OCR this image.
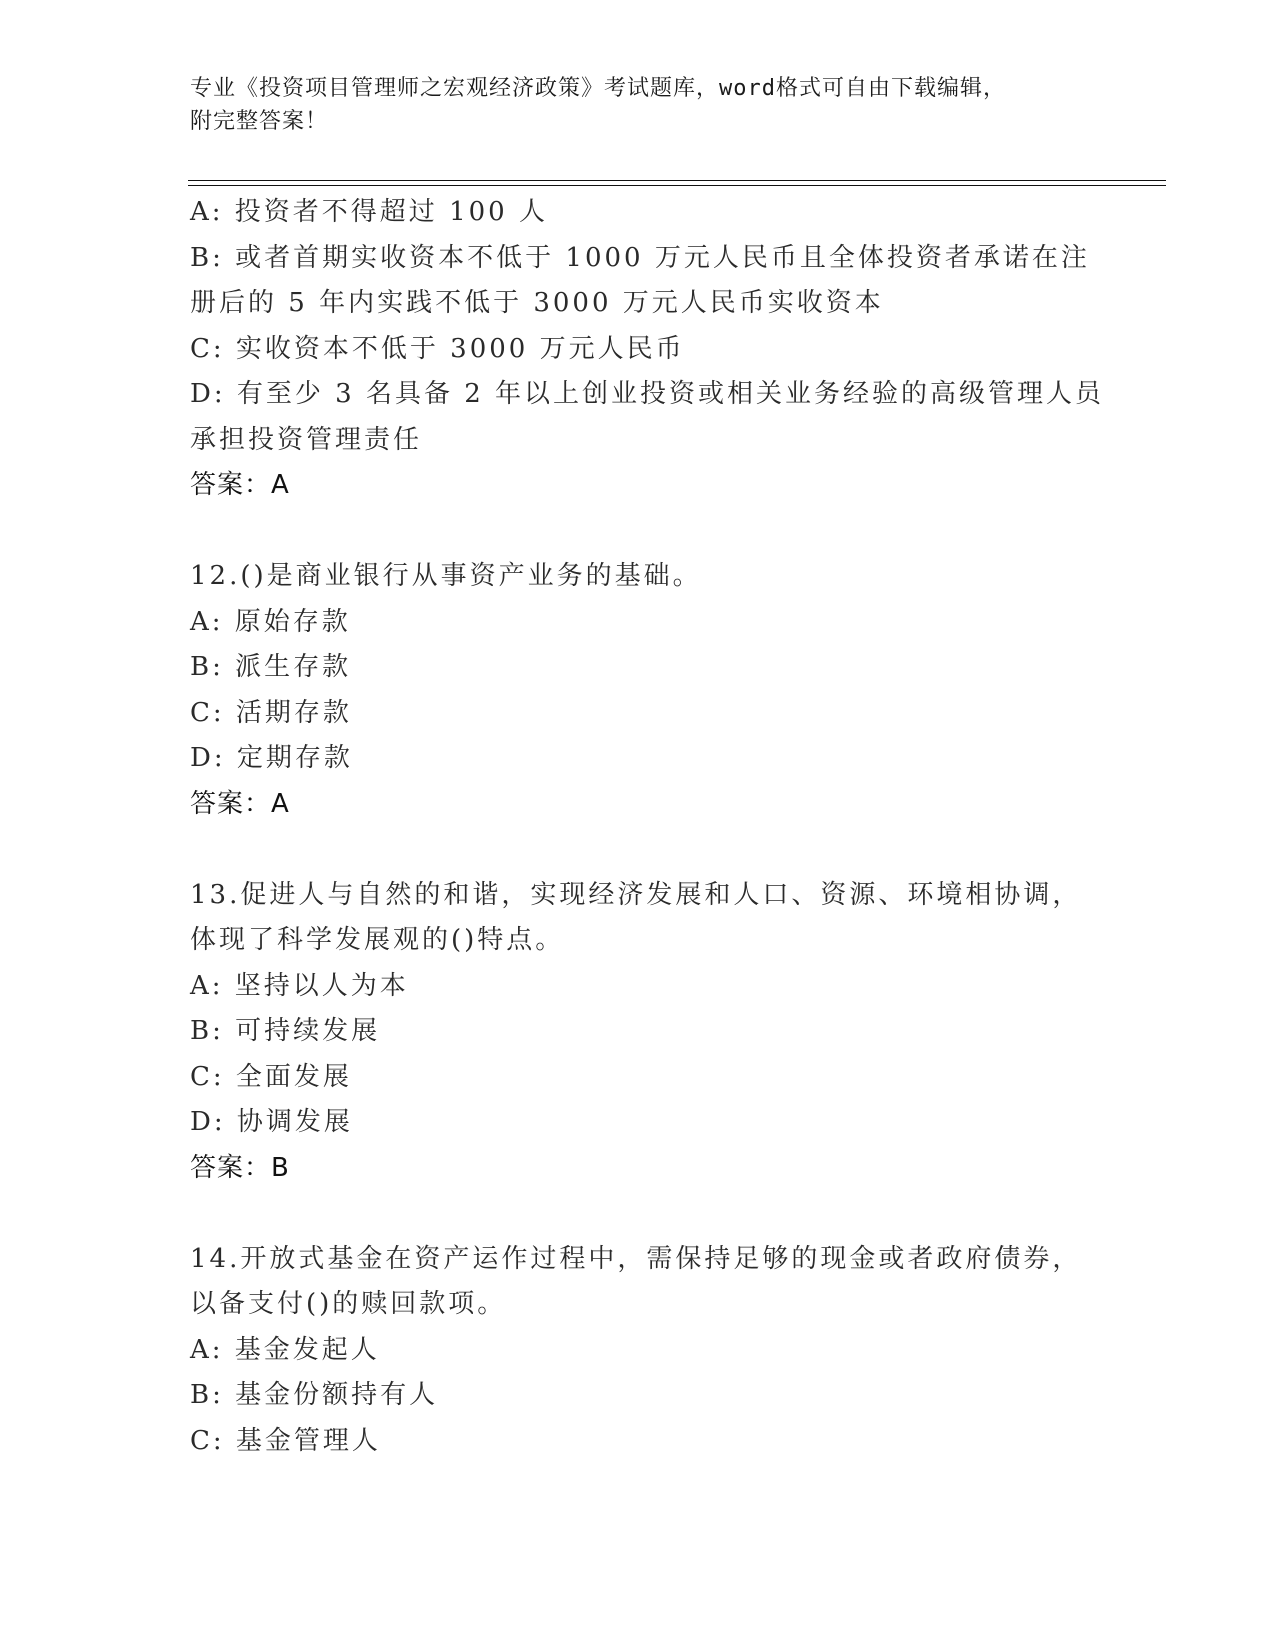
专业《投资项目管理师之宏观经济政策》考试题库，word格式可自由下载编辑，
附完整答案！
A: 投资者不得超过 100 人
B: 或者首期实收资本不低于 1000 万元人民币且全体投资者承诺在注
册后的 5 年内实践不低于 3000 万元人民币实收资本
C: 实收资本不低于 3000 万元人民币
D: 有至少 3 名具备 2 年以上创业投资或相关业务经验的高级管理人员
承担投资管理责任
答案：A
12.()是商业银行从事资产业务的基础。
A: 原始存款
B: 派生存款
C: 活期存款
D: 定期存款
答案：A
13.促进人与自然的和谐，实现经济发展和人口、资源、环境相协调，
体现了科学发展观的()特点。
A: 坚持以人为本
B: 可持续发展
C: 全面发展
D: 协调发展
答案：B
14.开放式基金在资产运作过程中，需保持足够的现金或者政府债券，
以备支付()的赎回款项。
A: 基金发起人
B: 基金份额持有人
C: 基金管理人
